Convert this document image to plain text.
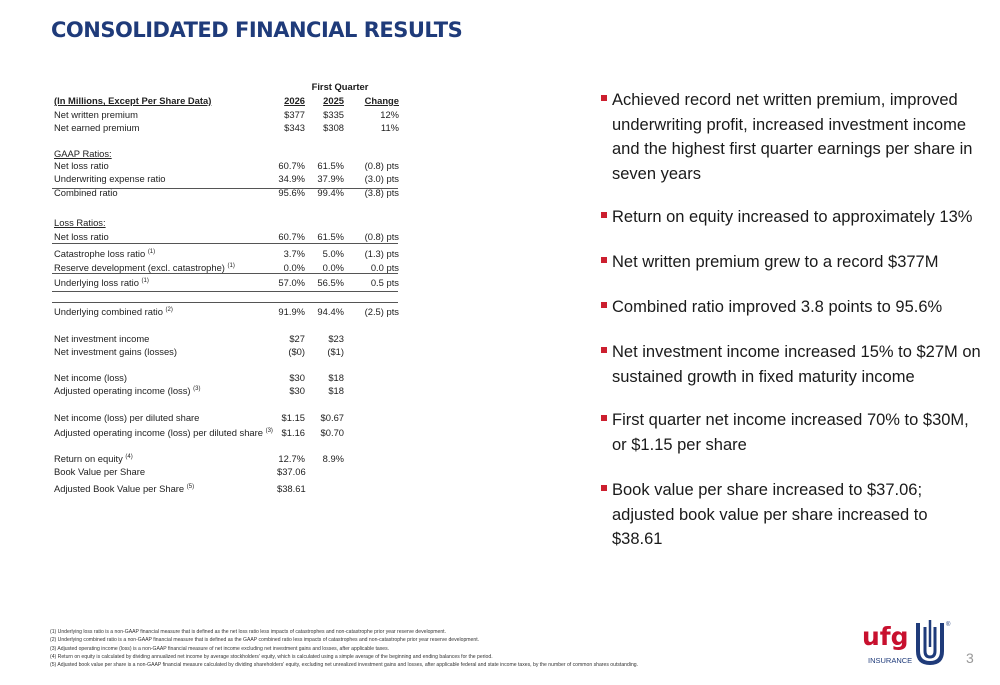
CONSOLIDATED FINANCIAL RESULTS
First Quarter
(In Millions, Except Per Share Data)	2026	2025	Change
Net written premium	$377	$335	12%
Net earned premium	$343	$308	11%
GAAP Ratios:
Net loss ratio	60.7%	61.5%	(0.8) pts
Underwriting expense ratio	34.9%	37.9%	(3.0) pts
Combined ratio	95.6%	99.4%	(3.8) pts
Loss Ratios:
Net loss ratio	60.7%	61.5%	(0.8) pts
Catastrophe loss ratio $^{(1)}$	3.7%	5.0%	(1.3) pts
Reserve development (excl. catastrophe) $^{(1)}$	0.0%	0.0%	0.0 pts
Underlying loss ratio $^{(1)}$	57.0%	56.5%	0.5 pts
Underlying combined ratio $^{(2)}$	91.9%	94.4%	(2.5) pts
Net investment income	$27	$23
Net investment gains (losses)	($0)	($1)
Net income (loss)	$30	$18
Adjusted operating income (loss) $^{(3)}$	$30	$18
Net income (loss) per diluted share	$1.15	$0.67
Adjusted operating income (loss) per diluted share $^{(3)}$ $1.16	$0.70
Return on equity $^{(4)}$	12.7%	8.9%
Book Value per Share	$37.06
Adjusted Book Value per Share $^{(5)}$	$38.61
Achieved record net written premium, improved underwriting profit, increased investment income and the highest first quarter earnings per share in seven years
Return on equity increased to approximately 13%
Net written premium grew to a record $377M
Combined ratio improved 3.8 points to 95.6%
Net investment income increased 15% to $27M on sustained growth in fixed maturity income
First quarter net income increased 70% to $30M, or $1.15 per share
Book value per share increased to $37.06; adjusted book value per share increased to $38.61
(1) Underlying loss ratio is a non-GAAP financial measure that is defined as the net loss ratio less impacts of catastrophes and non-catastrophe prior year reserve development.
(2) Underlying combined ratio is a non-GAAP financial measure that is defined as the GAAP combined ratio less impacts of catastrophes and non-catastrophe prior year reserve development.
(3) Adjusted operating income (loss) is a non-GAAP financial measure of net income excluding net investment gains and losses, after applicable taxes.
(4) Return on equity is calculated by dividing annualized net income by average stockholders' equity, which is calculated using a simple average of the beginning and ending balances for the period.
(5) Adjusted book value per share is a non-GAAP financial measure calculated by dividing shareholders' equity, excluding net unrealized investment gains and losses, after applicable federal and state income taxes, by the number of common shares outstanding.
ufg
INSURANCE
®
3
